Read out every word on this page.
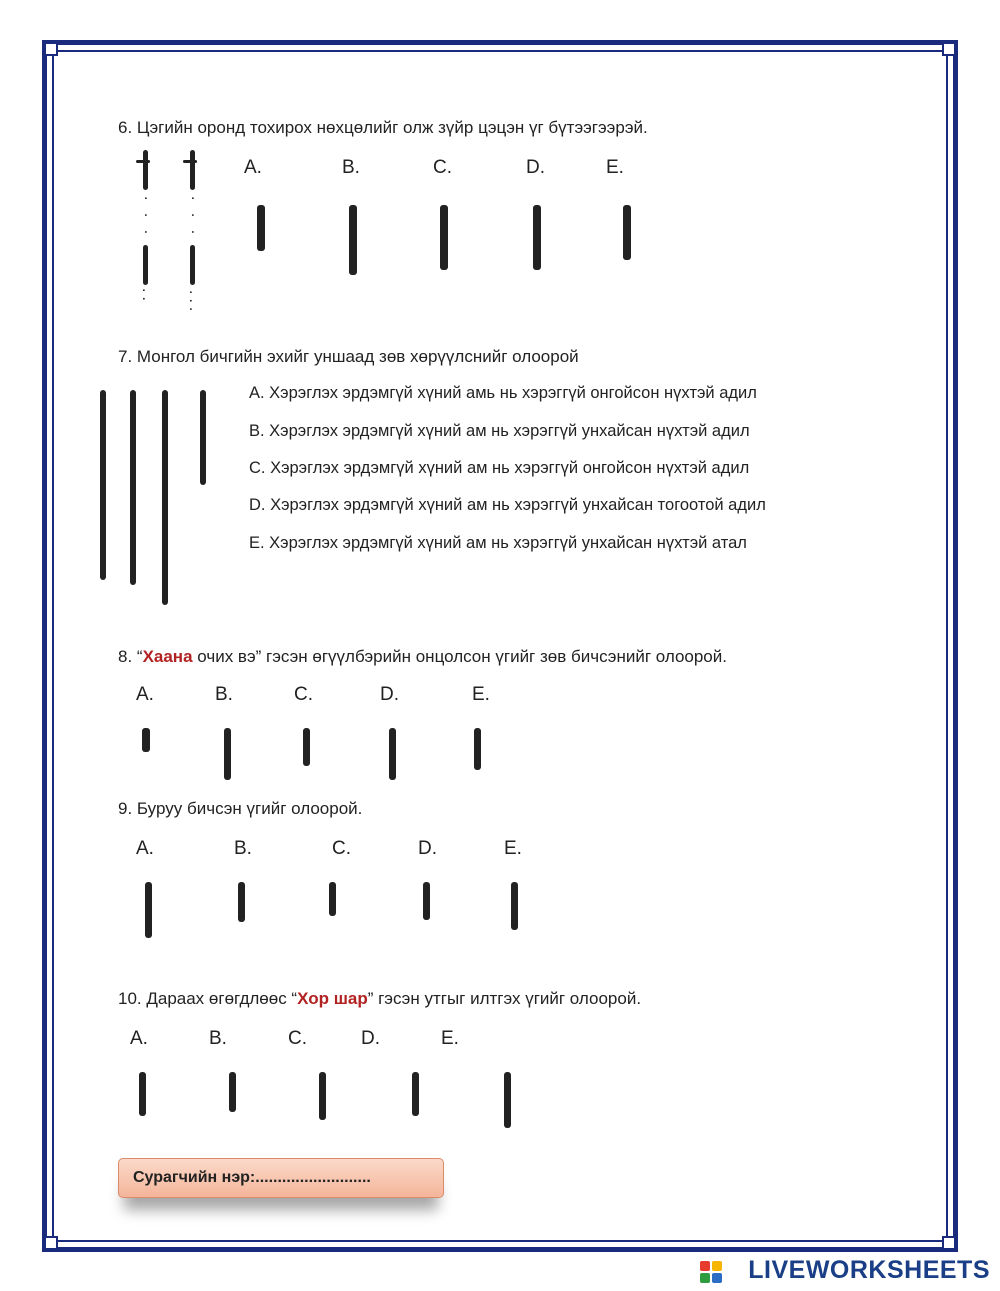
6. Цэгийн оронд тохирох нөхцөлийг олж зүйр цэцэн үг бүтээгээрэй.
. . .
..
. . .
...
A.	B.	C.	D.	E.
7. Монгол бичгийн эхийг уншаад зөв хөрүүлснийг олоорой
A. Хэрэглэх эрдэмгүй хүний амь нь хэрэггүй онгойсон нүхтэй адил
B. Хэрэглэх эрдэмгүй хүний ам нь хэрэггүй унхайсан нүхтэй адил
C. Хэрэглэх эрдэмгүй хүний ам нь хэрэггүй онгойсон нүхтэй адил
D. Хэрэглэх эрдэмгүй хүний ам нь хэрэггүй унхайсан тогоотой адил
E. Хэрэглэх эрдэмгүй хүний ам нь хэрэггүй унхайсан нүхтэй атал
8. “Хаана очих вэ” гэсэн өгүүлбэрийн онцолсон үгийг зөв бичсэнийг олоорой.
A.	B.	C.	D.	E.
9. Буруу бичсэн үгийг олоорой.
A.	B.	C.	D.	E.
10. Дараах өгөгдлөөс “Хор шар” гэсэн утгыг илтгэх үгийг олоорой.
A.	B.	C.	D.	E.
Сурагчийн нэр:..........................
LIVEWORKSHEETS
